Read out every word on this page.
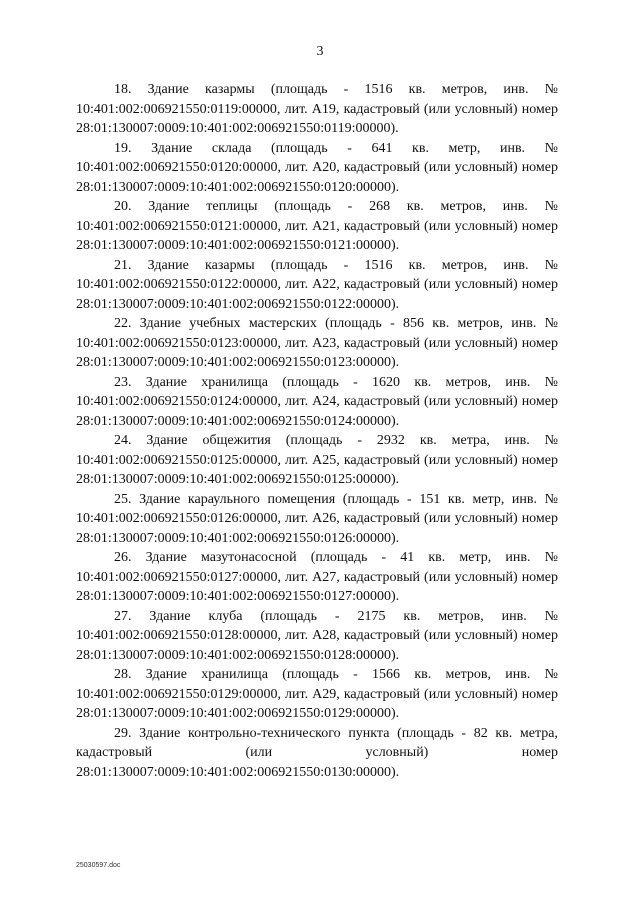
3

18. Здание казармы (площадь - 1516 кв. метров, инв. № 10:401:002:006921550:0119:00000, лит. А19, кадастровый (или условный) номер 28:01:130007:0009:10:401:002:006921550:0119:00000).

19. Здание склада (площадь - 641 кв. метр, инв. № 10:401:002:006921550:0120:00000, лит. А20, кадастровый (или условный) номер 28:01:130007:0009:10:401:002:006921550:0120:00000).

20. Здание теплицы (площадь - 268 кв. метров, инв. № 10:401:002:006921550:0121:00000, лит. А21, кадастровый (или условный) номер 28:01:130007:0009:10:401:002:006921550:0121:00000).

21. Здание казармы (площадь - 1516 кв. метров, инв. № 10:401:002:006921550:0122:00000, лит. А22, кадастровый (или условный) номер 28:01:130007:0009:10:401:002:006921550:0122:00000).

22. Здание учебных мастерских (площадь - 856 кв. метров, инв. № 10:401:002:006921550:0123:00000, лит. А23, кадастровый (или условный) номер 28:01:130007:0009:10:401:002:006921550:0123:00000).

23. Здание хранилища (площадь - 1620 кв. метров, инв. № 10:401:002:006921550:0124:00000, лит. А24, кадастровый (или условный) номер 28:01:130007:0009:10:401:002:006921550:0124:00000).

24. Здание общежития (площадь - 2932 кв. метра, инв. № 10:401:002:006921550:0125:00000, лит. А25, кадастровый (или условный) номер 28:01:130007:0009:10:401:002:006921550:0125:00000).

25. Здание караульного помещения (площадь - 151 кв. метр, инв. № 10:401:002:006921550:0126:00000, лит. А26, кадастровый (или условный) номер 28:01:130007:0009:10:401:002:006921550:0126:00000).

26. Здание мазутонасосной (площадь - 41 кв. метр, инв. № 10:401:002:006921550:0127:00000, лит. А27, кадастровый (или условный) номер 28:01:130007:0009:10:401:002:006921550:0127:00000).

27. Здание клуба (площадь - 2175 кв. метров, инв. № 10:401:002:006921550:0128:00000, лит. А28, кадастровый (или условный) номер 28:01:130007:0009:10:401:002:006921550:0128:00000).

28. Здание хранилища (площадь - 1566 кв. метров, инв. № 10:401:002:006921550:0129:00000, лит. А29, кадастровый (или условный) номер 28:01:130007:0009:10:401:002:006921550:0129:00000).

29. Здание контрольно-технического пункта (площадь - 82 кв. метра, кадастровый (или условный) номер 28:01:130007:0009:10:401:002:006921550:0130:00000).

25030597.doc
